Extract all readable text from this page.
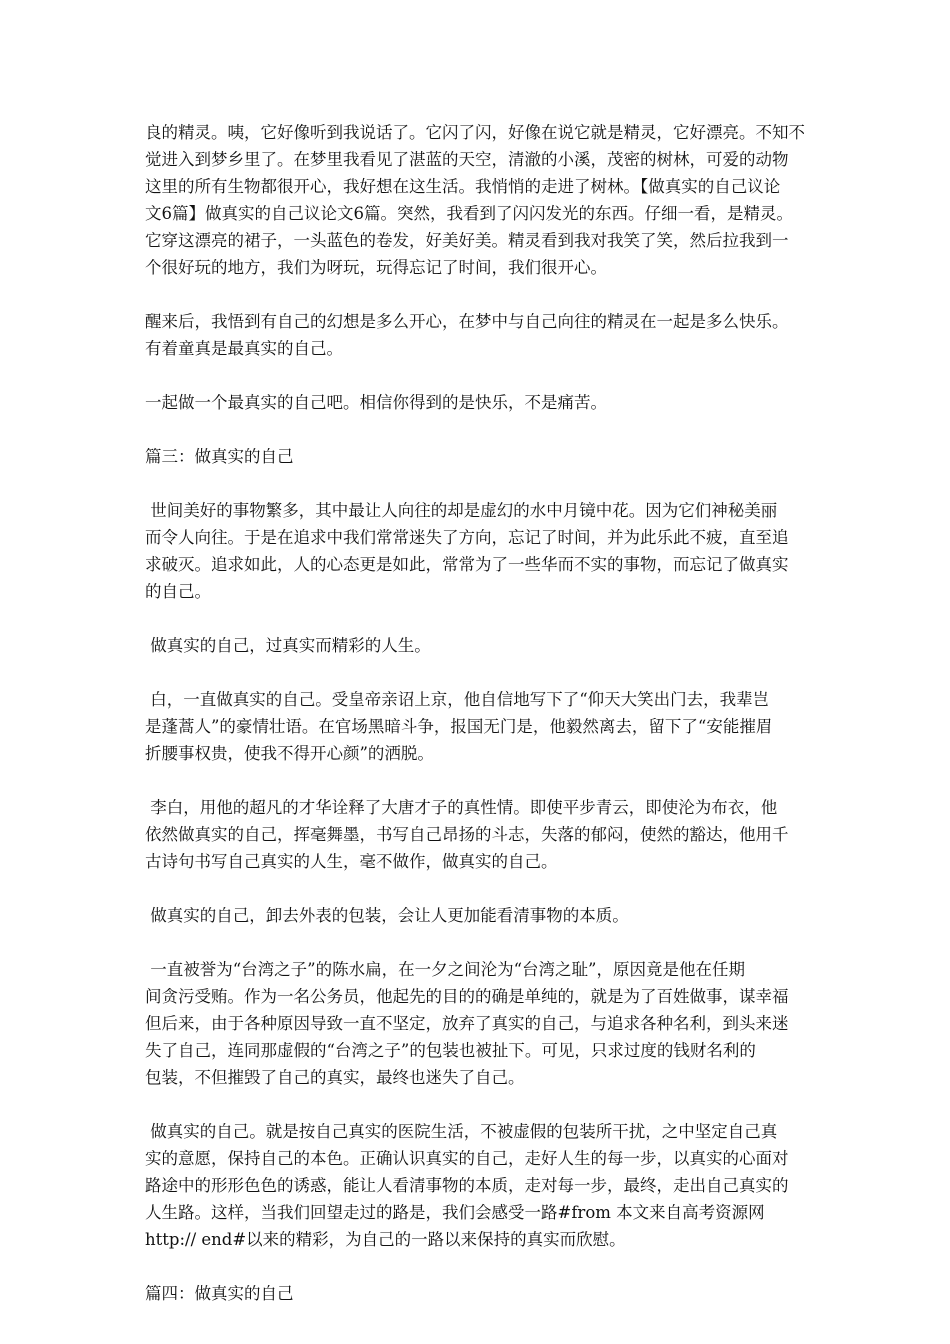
良的精灵。咦，它好像听到我说话了。它闪了闪，好像在说它就是精灵，它好漂亮。不知不
觉进入到梦乡里了。在梦里我看见了湛蓝的天空，清澈的小溪，茂密的树林，可爱的动物
这里的所有生物都很开心，我好想在这生活。我悄悄的走进了树林。【做真实的自己议论
文6篇】做真实的自己议论文6篇。突然，我看到了闪闪发光的东西。仔细一看，是精灵。
它穿这漂亮的裙子，一头蓝色的卷发，好美好美。精灵看到我对我笑了笑，然后拉我到一
个很好玩的地方，我们为呀玩，玩得忘记了时间，我们很开心。
醒来后，我悟到有自己的幻想是多么开心，在梦中与自己向往的精灵在一起是多么快乐。
有着童真是最真实的自己。
一起做一个最真实的自己吧。相信你得到的是快乐，不是痛苦。
篇三：做真实的自己
世间美好的事物繁多，其中最让人向往的却是虚幻的水中月镜中花。因为它们神秘美丽
而令人向往。于是在追求中我们常常迷失了方向，忘记了时间，并为此乐此不疲，直至追
求破灭。追求如此，人的心态更是如此，常常为了一些华而不实的事物，而忘记了做真实
的自己。
做真实的自己，过真实而精彩的人生。
白，一直做真实的自己。受皇帝亲诏上京，他自信地写下了“仰天大笑出门去，我辈岂
是蓬蒿人”的豪情壮语。在官场黑暗斗争，报国无门是，他毅然离去，留下了“安能摧眉
折腰事权贵，使我不得开心颜”的洒脱。
李白，用他的超凡的才华诠释了大唐才子的真性情。即使平步青云，即使沦为布衣，他
依然做真实的自己，挥毫舞墨，书写自己昂扬的斗志，失落的郁闷，使然的豁达，他用千
古诗句书写自己真实的人生，毫不做作，做真实的自己。
做真实的自己，卸去外表的包装，会让人更加能看清事物的本质。
一直被誉为“台湾之子”的陈水扁，在一夕之间沦为“台湾之耻”，原因竟是他在任期
间贪污受贿。作为一名公务员，他起先的目的的确是单纯的，就是为了百姓做事，谋幸福
但后来，由于各种原因导致一直不坚定，放弃了真实的自己，与追求各种名利，到头来迷
失了自己，连同那虚假的“台湾之子”的包装也被扯下。可见，只求过度的钱财名利的
包装，不但摧毁了自己的真实，最终也迷失了自己。
做真实的自己。就是按自己真实的医院生活，不被虚假的包装所干扰，之中坚定自己真
实的意愿，保持自己的本色。正确认识真实的自己，走好人生的每一步，以真实的心面对
路途中的形形色色的诱惑，能让人看清事物的本质，走对每一步，最终，走出自己真实的
人生路。这样，当我们回望走过的路是，我们会感受一路#from 本文来自高考资源网
http:// end#以来的精彩，为自己的一路以来保持的真实而欣慰。
篇四：做真实的自己
